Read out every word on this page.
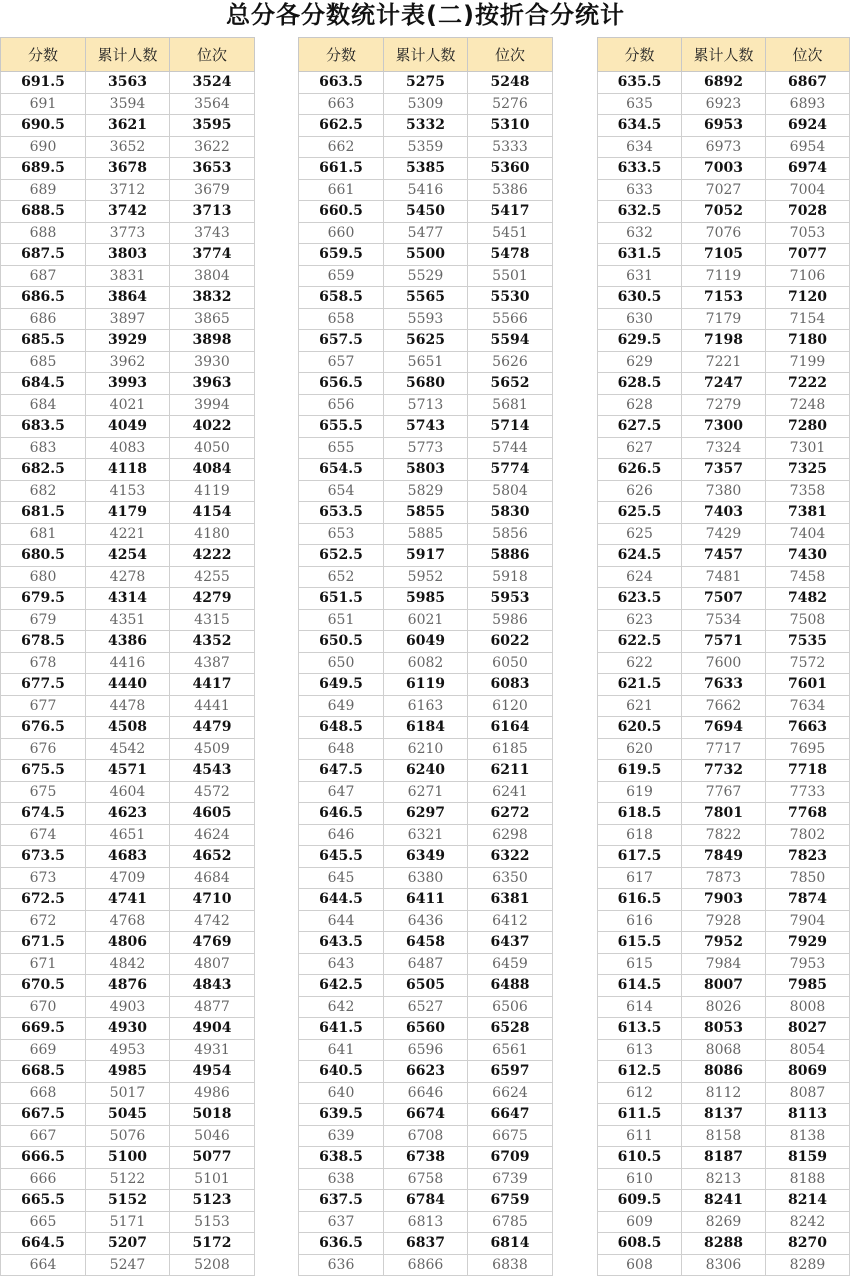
总分各分数统计表(二)按折合分统计
分数	累计人数	位次
691.5	3563	3524
691	3594	3564
690.5	3621	3595
690	3652	3622
689.5	3678	3653
689	3712	3679
688.5	3742	3713
688	3773	3743
687.5	3803	3774
687	3831	3804
686.5	3864	3832
686	3897	3865
685.5	3929	3898
685	3962	3930
684.5	3993	3963
684	4021	3994
683.5	4049	4022
683	4083	4050
682.5	4118	4084
682	4153	4119
681.5	4179	4154
681	4221	4180
680.5	4254	4222
680	4278	4255
679.5	4314	4279
679	4351	4315
678.5	4386	4352
678	4416	4387
677.5	4440	4417
677	4478	4441
676.5	4508	4479
676	4542	4509
675.5	4571	4543
675	4604	4572
674.5	4623	4605
674	4651	4624
673.5	4683	4652
673	4709	4684
672.5	4741	4710
672	4768	4742
671.5	4806	4769
671	4842	4807
670.5	4876	4843
670	4903	4877
669.5	4930	4904
669	4953	4931
668.5	4985	4954
668	5017	4986
667.5	5045	5018
667	5076	5046
666.5	5100	5077
666	5122	5101
665.5	5152	5123
665	5171	5153
664.5	5207	5172
664	5247	5208
分数	累计人数	位次
663.5	5275	5248
663	5309	5276
662.5	5332	5310
662	5359	5333
661.5	5385	5360
661	5416	5386
660.5	5450	5417
660	5477	5451
659.5	5500	5478
659	5529	5501
658.5	5565	5530
658	5593	5566
657.5	5625	5594
657	5651	5626
656.5	5680	5652
656	5713	5681
655.5	5743	5714
655	5773	5744
654.5	5803	5774
654	5829	5804
653.5	5855	5830
653	5885	5856
652.5	5917	5886
652	5952	5918
651.5	5985	5953
651	6021	5986
650.5	6049	6022
650	6082	6050
649.5	6119	6083
649	6163	6120
648.5	6184	6164
648	6210	6185
647.5	6240	6211
647	6271	6241
646.5	6297	6272
646	6321	6298
645.5	6349	6322
645	6380	6350
644.5	6411	6381
644	6436	6412
643.5	6458	6437
643	6487	6459
642.5	6505	6488
642	6527	6506
641.5	6560	6528
641	6596	6561
640.5	6623	6597
640	6646	6624
639.5	6674	6647
639	6708	6675
638.5	6738	6709
638	6758	6739
637.5	6784	6759
637	6813	6785
636.5	6837	6814
636	6866	6838
分数	累计人数	位次
635.5	6892	6867
635	6923	6893
634.5	6953	6924
634	6973	6954
633.5	7003	6974
633	7027	7004
632.5	7052	7028
632	7076	7053
631.5	7105	7077
631	7119	7106
630.5	7153	7120
630	7179	7154
629.5	7198	7180
629	7221	7199
628.5	7247	7222
628	7279	7248
627.5	7300	7280
627	7324	7301
626.5	7357	7325
626	7380	7358
625.5	7403	7381
625	7429	7404
624.5	7457	7430
624	7481	7458
623.5	7507	7482
623	7534	7508
622.5	7571	7535
622	7600	7572
621.5	7633	7601
621	7662	7634
620.5	7694	7663
620	7717	7695
619.5	7732	7718
619	7767	7733
618.5	7801	7768
618	7822	7802
617.5	7849	7823
617	7873	7850
616.5	7903	7874
616	7928	7904
615.5	7952	7929
615	7984	7953
614.5	8007	7985
614	8026	8008
613.5	8053	8027
613	8068	8054
612.5	8086	8069
612	8112	8087
611.5	8137	8113
611	8158	8138
610.5	8187	8159
610	8213	8188
609.5	8241	8214
609	8269	8242
608.5	8288	8270
608	8306	8289
